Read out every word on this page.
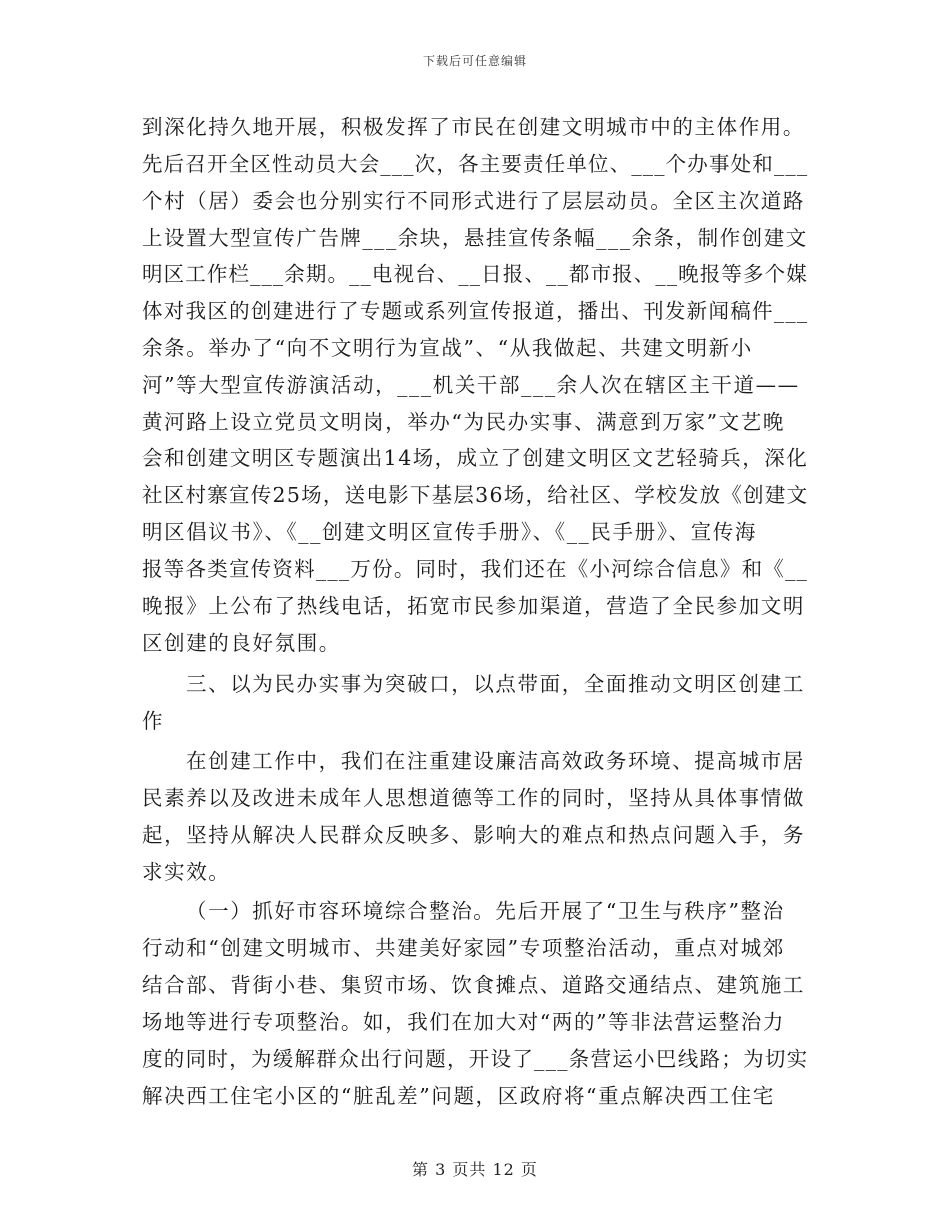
下载后可任意编辑
到深化持久地开展，积极发挥了市民在创建文明城市中的主体作用。
先后召开全区性动员大会___次，各主要责任单位、___个办事处和___
个村（居）委会也分别实行不同形式进行了层层动员。全区主次道路
上设置大型宣传广告牌___余块，悬挂宣传条幅___余条，制作创建文
明区工作栏___余期。__电视台、__日报、__都市报、__晚报等多个媒
体对我区的创建进行了专题或系列宣传报道，播出、刊发新闻稿件___
余条。举办了“向不文明行为宣战”、“从我做起、共建文明新小
河”等大型宣传游演活动，___机关干部___余人次在辖区主干道——
黄河路上设立党员文明岗，举办“为民办实事、满意到万家”文艺晚
会和创建文明区专题演出14场，成立了创建文明区文艺轻骑兵，深化
社区村寨宣传25场，送电影下基层36场，给社区、学校发放《创建文
明区倡议书》、《__创建文明区宣传手册》、《__民手册》、宣传海
报等各类宣传资料___万份。同时，我们还在《小河综合信息》和《__
晚报》上公布了热线电话，拓宽市民参加渠道，营造了全民参加文明
区创建的良好氛围。
三、以为民办实事为突破口，以点带面，全面推动文明区创建工
作
在创建工作中，我们在注重建设廉洁高效政务环境、提高城市居
民素养以及改进未成年人思想道德等工作的同时，坚持从具体事情做
起，坚持从解决人民群众反映多、影响大的难点和热点问题入手，务
求实效。
（一）抓好市容环境综合整治。先后开展了“卫生与秩序”整治
行动和“创建文明城市、共建美好家园”专项整治活动，重点对城郊
结合部、背街小巷、集贸市场、饮食摊点、道路交通结点、建筑施工
场地等进行专项整治。如，我们在加大对“两的”等非法营运整治力
度的同时，为缓解群众出行问题，开设了___条营运小巴线路；为切实
解决西工住宅小区的“脏乱差”问题，区政府将“重点解决西工住宅
第 3 页共 12 页
